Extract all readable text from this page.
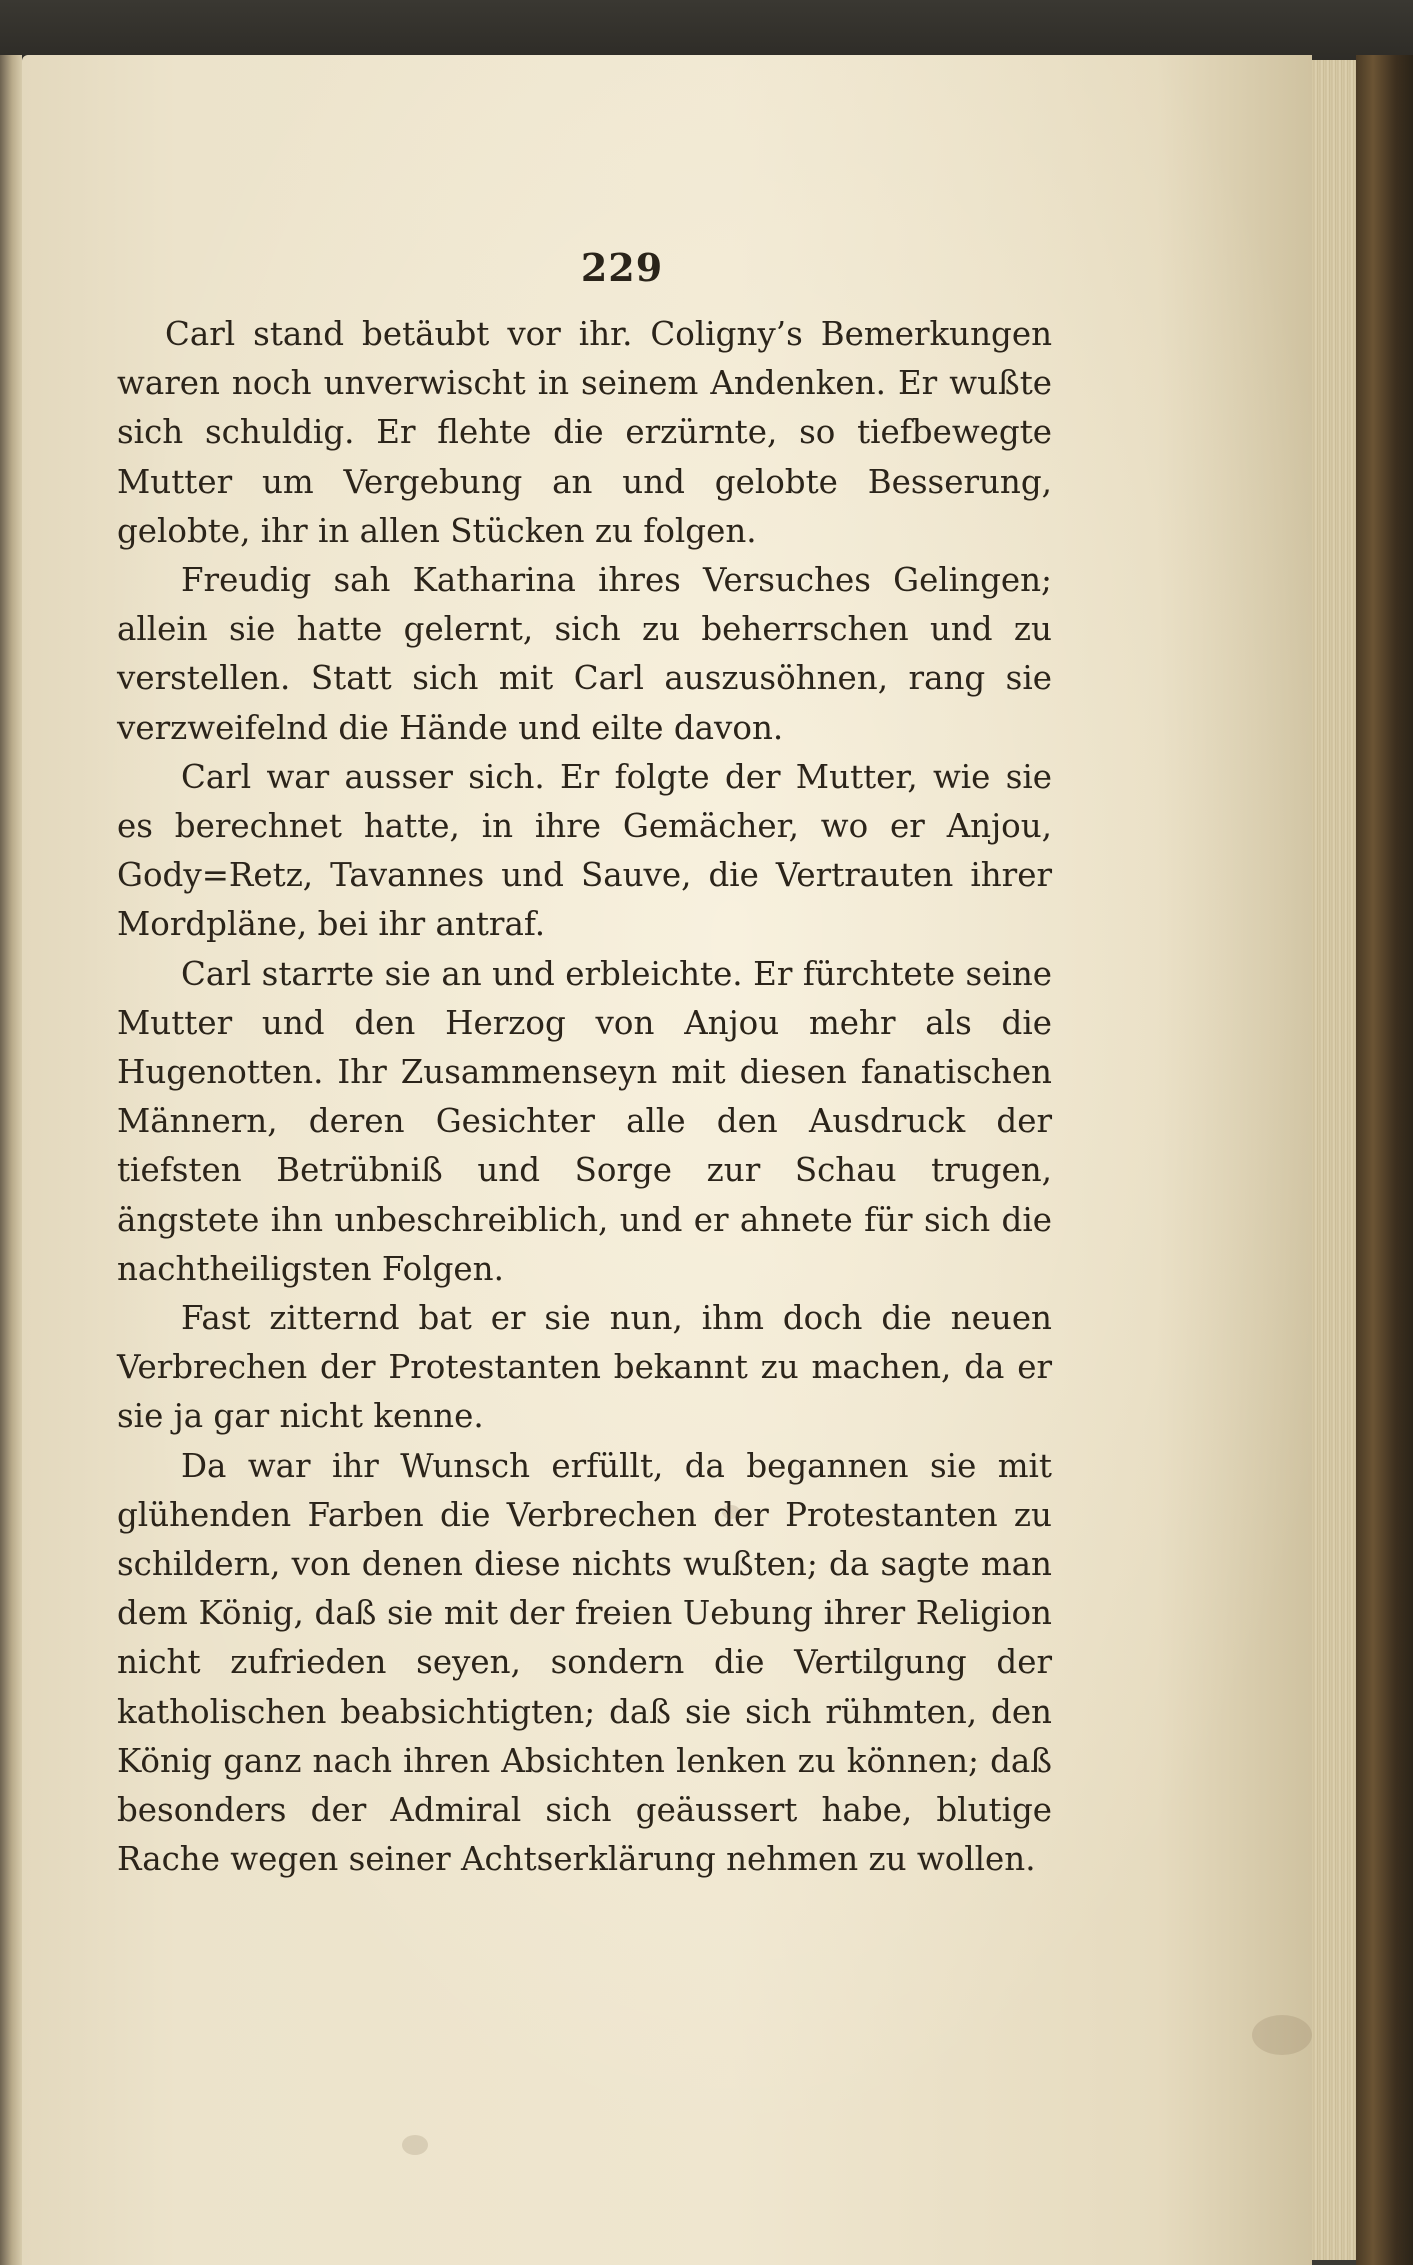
229

Carl stand betäubt vor ihr. Coligny’s Bemerkungen waren noch unverwischt in seinem Andenken. Er wußte sich schuldig. Er flehte die erzürnte, so tiefbewegte Mutter um Vergebung an und gelobte Besserung, gelobte, ihr in allen Stücken zu folgen.

Freudig sah Katharina ihres Versuches Gelingen; allein sie hatte gelernt, sich zu beherrschen und zu verstellen. Statt sich mit Carl auszusöhnen, rang sie verzweifelnd die Hände und eilte davon.

Carl war ausser sich. Er folgte der Mutter, wie sie es berechnet hatte, in ihre Gemächer, wo er Anjou, Gody=Retz, Tavannes und Sauve, die Vertrauten ihrer Mordpläne, bei ihr antraf.

Carl starrte sie an und erbleichte. Er fürchtete seine Mutter und den Herzog von Anjou mehr als die Hugenotten. Ihr Zusammenseyn mit diesen fanatischen Männern, deren Gesichter alle den Ausdruck der tiefsten Betrübniß und Sorge zur Schau trugen, ängstete ihn unbeschreiblich, und er ahnete für sich die nachtheiligsten Folgen.

Fast zitternd bat er sie nun, ihm doch die neuen Verbrechen der Protestanten bekannt zu machen, da er sie ja gar nicht kenne.

Da war ihr Wunsch erfüllt, da begannen sie mit glühenden Farben die Verbrechen der Protestanten zu schildern, von denen diese nichts wußten; da sagte man dem König, daß sie mit der freien Uebung ihrer Religion nicht zufrieden seyen, sondern die Vertilgung der katholischen beabsichtigten; daß sie sich rühmten, den König ganz nach ihren Absichten lenken zu können; daß besonders der Admiral sich geäussert habe, blutige Rache wegen seiner Achtserklärung nehmen zu wollen.
